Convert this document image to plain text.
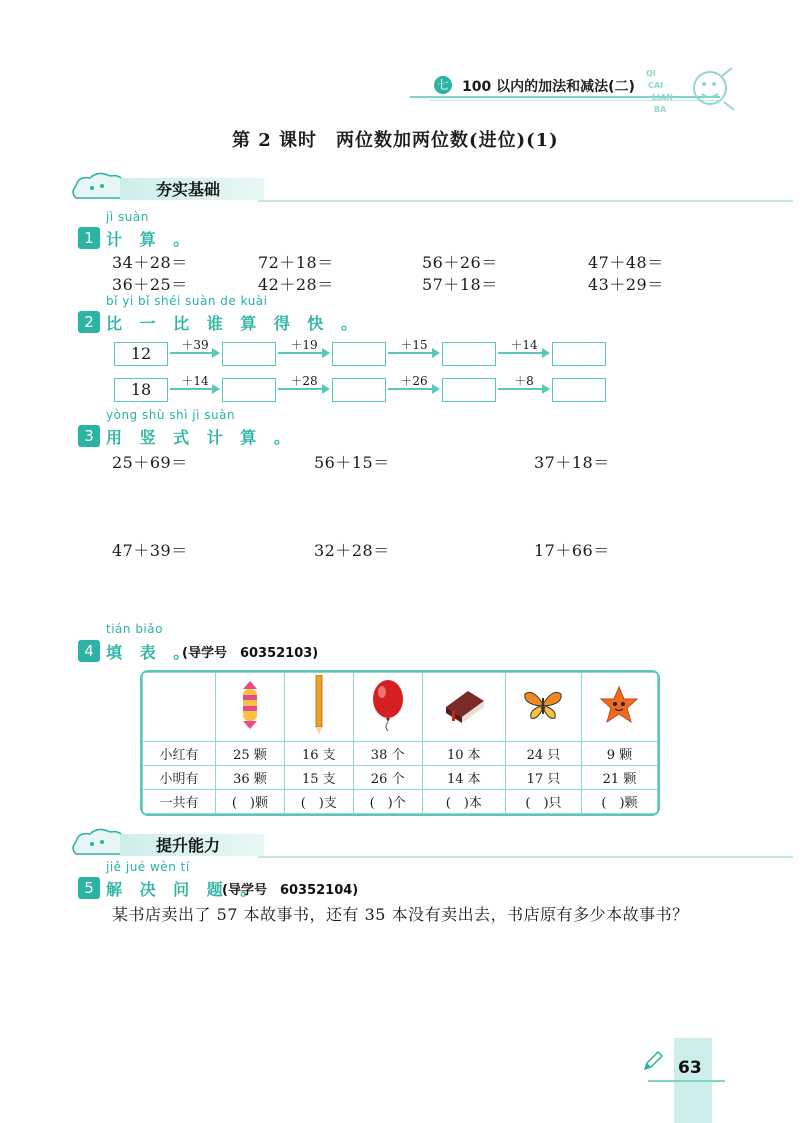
七 100 以内的加法和减法(二)
QI
CAI
LIAN
BA
第 2 课时　两位数加两位数(进位)(1)
夯实基础
jì suàn
1 计 算 。
34＋28＝	72＋18＝	56＋26＝	47＋48＝
36＋25＝	42＋28＝	57＋18＝	43＋29＝
bǐ yi bǐ shéi suàn de kuài
2 比 一 比 谁 算 得 快 。
12	＋39	＋19	＋15	＋14
18	＋14	＋28	＋26	＋8
yòng shù shì jì suàn
3 用 竖 式 计 算 。
25＋69＝	56＋15＝	37＋18＝
47＋39＝	32＋28＝	17＋66＝
tián biǎo
4 填 表 。
(导学号　60352103)

小红有	25 颗	16 支	38 个	10 本	24 只	9 颗
小明有	36 颗	15 支	26 个	14 本	17 只	21 颗
一共有	(　)颗	(　)支	(　)个	(　)本	(　)只	(　)颗
提升能力
jiě jué wèn tí
5 解 决 问 题 。
(导学号　60352104)
某书店卖出了 57 本故事书，还有 35 本没有卖出去，书店原有多少本故事书？
63
